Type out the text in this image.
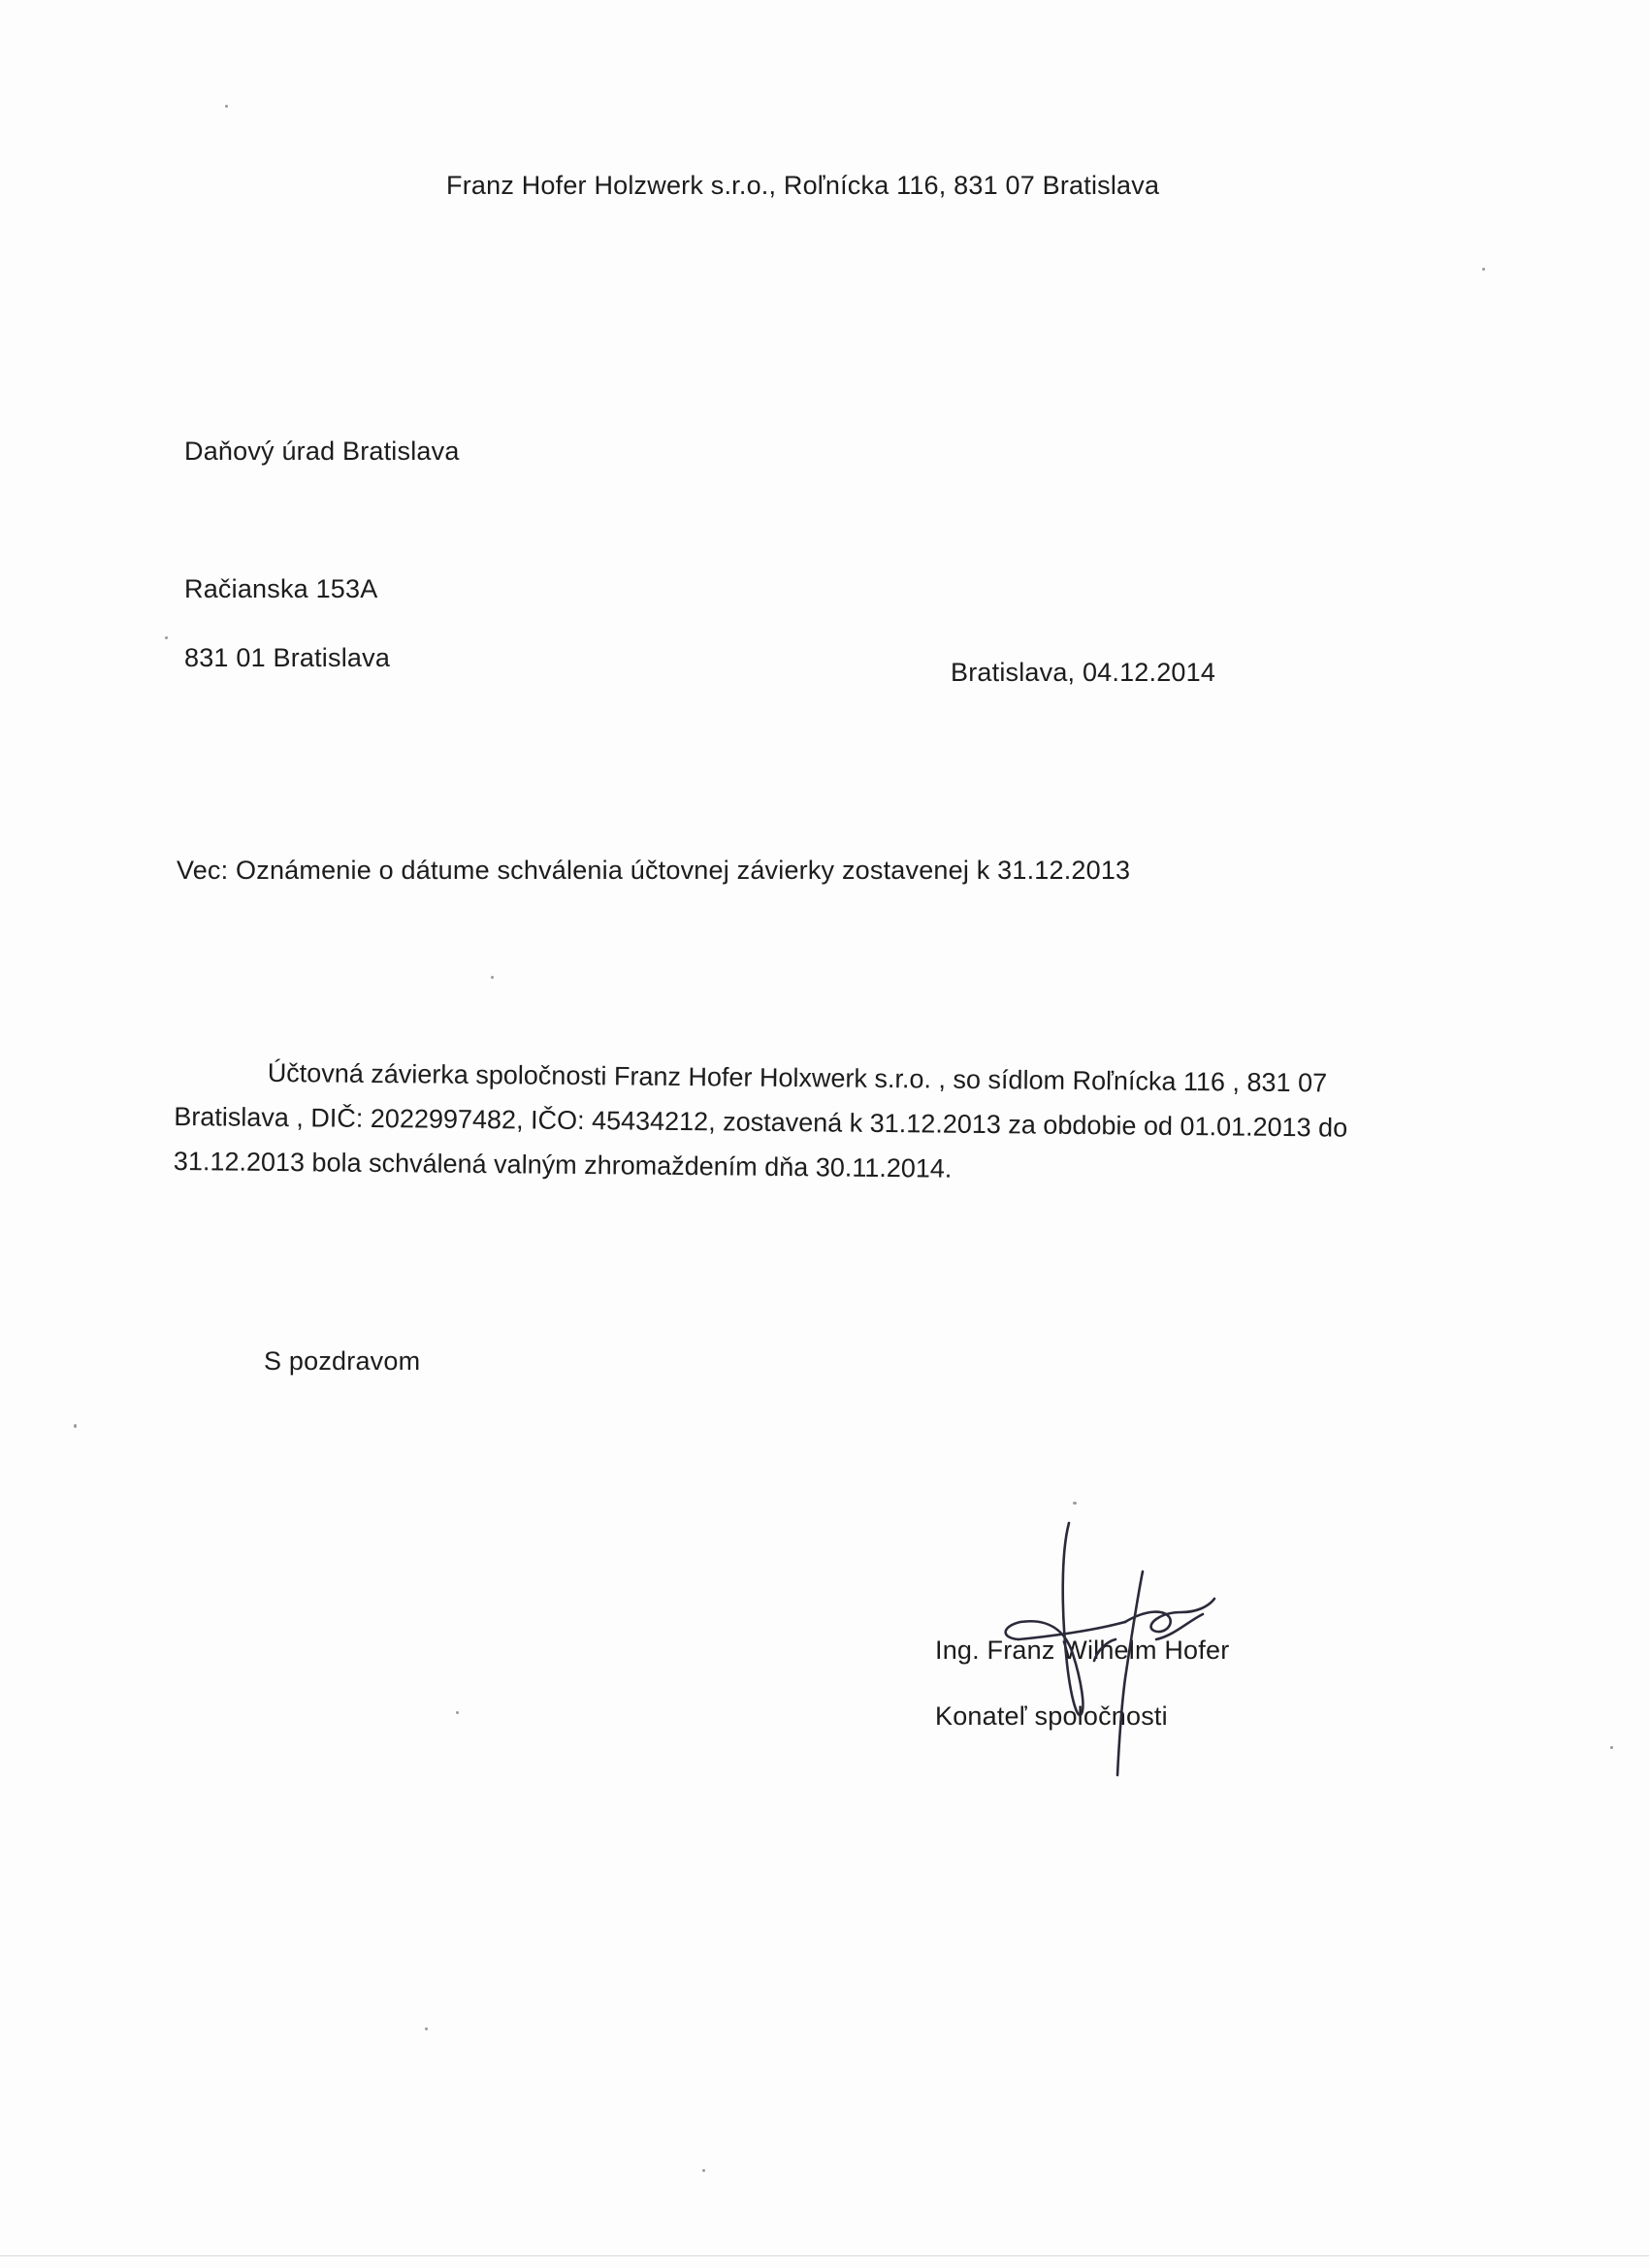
Franz Hofer Holzwerk s.r.o., Roľnícka 116, 831 07 Bratislava
Daňový úrad Bratislava
Račianska 153A
831 01 Bratislava	Bratislava, 04.12.2014
Vec: Oznámenie o dátume schválenia účtovnej závierky zostavenej k 31.12.2013
Účtovná závierka spoločnosti Franz Hofer Holxwerk s.r.o. , so sídlom Roľnícka 116 , 831 07
Bratislava , DIČ: 2022997482, IČO: 45434212, zostavená k 31.12.2013 za obdobie od 01.01.2013 do
31.12.2013 bola schválená valným zhromaždením dňa 30.11.2014.
S pozdravom
Ing. Franz Wilhelm Hofer
Konateľ spoločnosti
